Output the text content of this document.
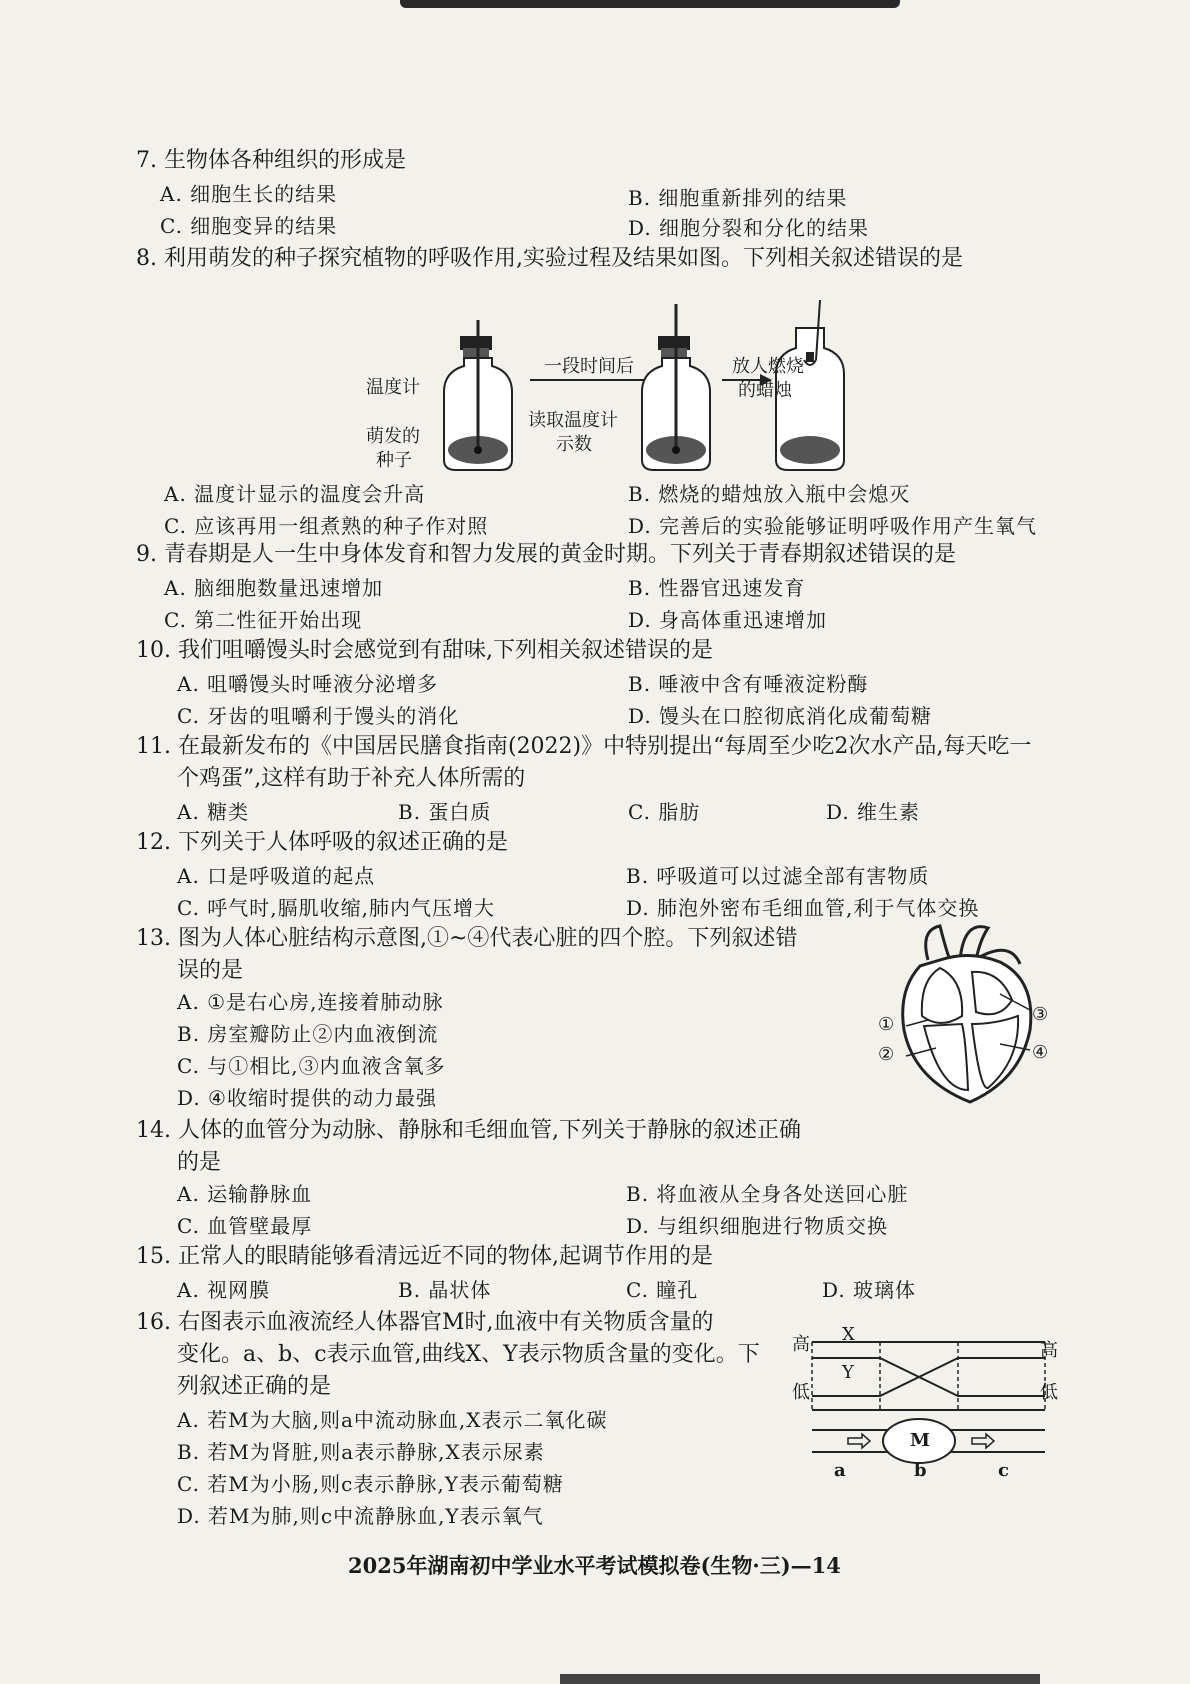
7. 生物体各种组织的形成是
A. 细胞生长的结果	B. 细胞重新排列的结果
C. 细胞变异的结果	D. 细胞分裂和分化的结果
8. 利用萌发的种子探究植物的呼吸作用,实验过程及结果如图。下列相关叙述错误的是
温度计
萌发的
种子
一段时间后
读取温度计
示数
放人燃烧
的蜡烛
A. 温度计显示的温度会升高	B. 燃烧的蜡烛放入瓶中会熄灭
C. 应该再用一组煮熟的种子作对照	D. 完善后的实验能够证明呼吸作用产生氧气
9. 青春期是人一生中身体发育和智力发展的黄金时期。下列关于青春期叙述错误的是
A. 脑细胞数量迅速增加	B. 性器官迅速发育
C. 第二性征开始出现	D. 身高体重迅速增加
10. 我们咀嚼馒头时会感觉到有甜味,下列相关叙述错误的是
A. 咀嚼馒头时唾液分泌增多	B. 唾液中含有唾液淀粉酶
C. 牙齿的咀嚼利于馒头的消化	D. 馒头在口腔彻底消化成葡萄糖
11. 在最新发布的《中国居民膳食指南(2022)》中特别提出“每周至少吃2次水产品,每天吃一
个鸡蛋”,这样有助于补充人体所需的
A. 糖类	B. 蛋白质	C. 脂肪	D. 维生素
12. 下列关于人体呼吸的叙述正确的是
A. 口是呼吸道的起点	B. 呼吸道可以过滤全部有害物质
C. 呼气时,膈肌收缩,肺内气压增大	D. 肺泡外密布毛细血管,利于气体交换
13. 图为人体心脏结构示意图,①~④代表心脏的四个腔。下列叙述错
误的是
A. ①是右心房,连接着肺动脉
B. 房室瓣防止②内血液倒流
C. 与①相比,③内血液含氧多
D. ④收缩时提供的动力最强
①
②
③
④
14. 人体的血管分为动脉、静脉和毛细血管,下列关于静脉的叙述正确
的是
A. 运输静脉血	B. 将血液从全身各处送回心脏
C. 血管壁最厚	D. 与组织细胞进行物质交换
15. 正常人的眼睛能够看清远近不同的物体,起调节作用的是
A. 视网膜	B. 晶状体	C. 瞳孔	D. 玻璃体
16. 右图表示血液流经人体器官M时,血液中有关物质含量的
变化。a、b、c表示血管,曲线X、Y表示物质含量的变化。下
列叙述正确的是
A. 若M为大脑,则a中流动脉血,X表示二氧化碳
B. 若M为肾脏,则a表示静脉,X表示尿素
C. 若M为小肠,则c表示静脉,Y表示葡萄糖
D. 若M为肺,则c中流静脉血,Y表示氧气
高
低
高
低
X
Y
M
a	b	c
2025年湖南初中学业水平考试模拟卷(生物·三)—14
